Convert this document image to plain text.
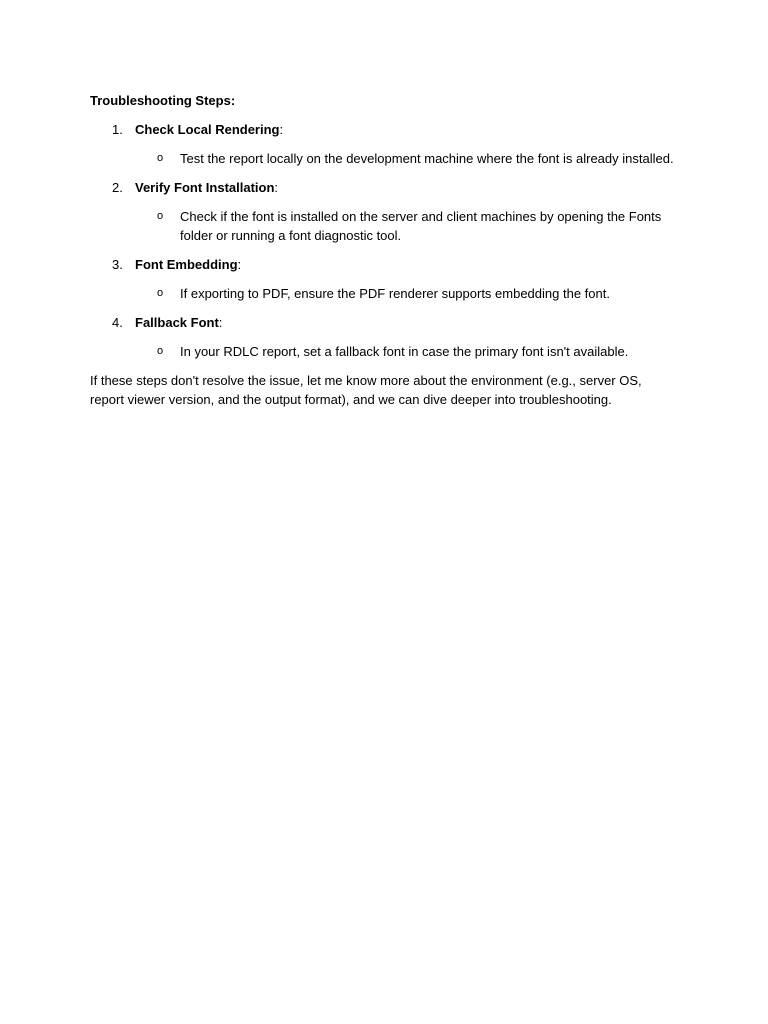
Troubleshooting Steps:

1. Check Local Rendering:
o Test the report locally on the development machine where the font is already installed.
2. Verify Font Installation:
o Check if the font is installed on the server and client machines by opening the Fonts folder or running a font diagnostic tool.
3. Font Embedding:
o If exporting to PDF, ensure the PDF renderer supports embedding the font.
4. Fallback Font:
o In your RDLC report, set a fallback font in case the primary font isn't available.

If these steps don't resolve the issue, let me know more about the environment (e.g., server OS, report viewer version, and the output format), and we can dive deeper into troubleshooting.
